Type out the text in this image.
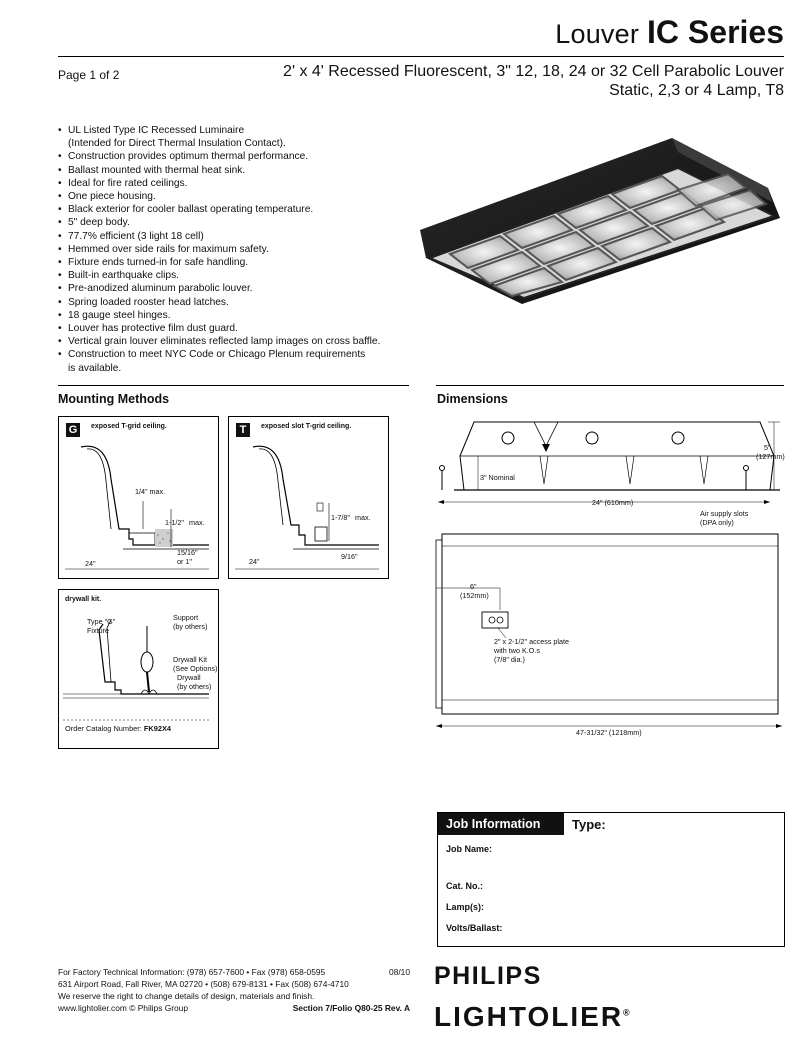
Louver IC Series
Page 1 of 2	2' x 4' Recessed Fluorescent, 3" 12, 18, 24 or 32 Cell Parabolic Louver
Static, 2,3 or 4 Lamp, T8
• UL Listed Type IC Recessed Luminaire
(Intended for Direct Thermal Insulation Contact).
• Construction provides optimum thermal performance.
• Ballast mounted with thermal heat sink.
• Ideal for fire rated ceilings.
• One piece housing.
• Black exterior for cooler ballast operating temperature.
• 5" deep body.
• 77.7% efficient (3 light 18 cell)
• Hemmed over side rails for maximum safety.
• Fixture ends turned-in for safe handling.
• Built-in earthquake clips.
• Pre-anodized aluminum parabolic louver.
• Spring loaded rooster head latches.
• 18 gauge steel hinges.
• Louver has protective film dust guard.
• Vertical grain louver eliminates reflected lamp images on cross baffle.
• Construction to meet NYC Code or Chicago Plenum requirements
is available.
Mounting Methods	Dimensions
G	exposed T-grid ceiling.
1/4" max.
1-1/2" max.
15/16"
or 1"
24"
T	exposed slot T-grid ceiling.
1-7/8" max.
9/16"
24"
drywall kit.
Type "G"
Fixture
Support
(by others)
Drywall Kit
(See Options)
Drywall
(by others)
Order Catalog Number: FK92X4
5"
(127mm)
3" Nominal
24" (610mm)
Air supply slots
(DPA only)
6"
(152mm)
2" x 2-1/2" access plate
with two K.O.s
(7/8" dia.)
47-31/32" (1218mm)
Job Information	Type:
Job Name:
Cat. No.:
Lamp(s):
Volts/Ballast:
For Factory Technical Information: (978) 657-7600 • Fax (978) 658-0595	08/10
631 Airport Road, Fall River, MA 02720 • (508) 679-8131 • Fax (508) 674-4710
We reserve the right to change details of design, materials and finish.
www.lightolier.com © Philips Group	Section 7/Folio Q80-25 Rev. A
PHILIPS
LIGHTOLIER®
